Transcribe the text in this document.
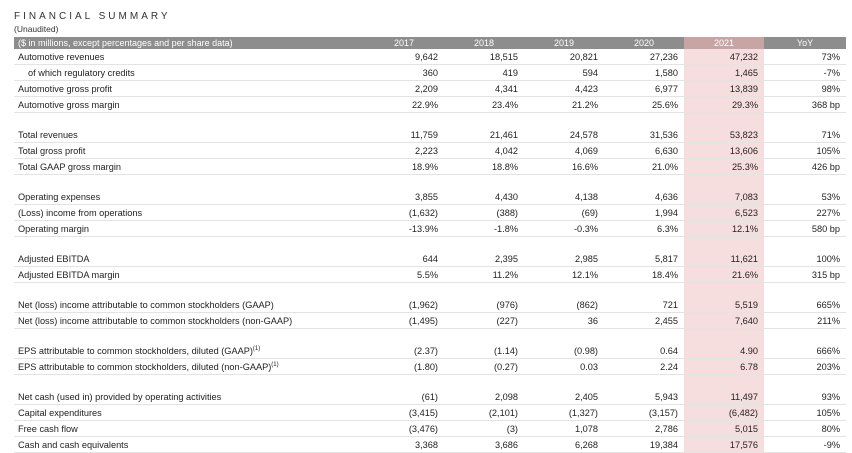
FINANCIAL SUMMARY
(Unaudited)
($ in millions, except percentages and per share data)	2017	2018	2019	2020	2021	YoY
Automotive revenues	9,642	18,515	20,821	27,236	47,232	73%
of which regulatory credits	360	419	594	1,580	1,465	-7%
Automotive gross profit	2,209	4,341	4,423	6,977	13,839	98%
Automotive gross margin	22.9%	23.4%	21.2%	25.6%	29.3%	368 bp

Total revenues	11,759	21,461	24,578	31,536	53,823	71%
Total gross profit	2,223	4,042	4,069	6,630	13,606	105%
Total GAAP gross margin	18.9%	18.8%	16.6%	21.0%	25.3%	426 bp

Operating expenses	3,855	4,430	4,138	4,636	7,083	53%
(Loss) income from operations	(1,632)	(388)	(69)	1,994	6,523	227%
Operating margin	-13.9%	-1.8%	-0.3%	6.3%	12.1%	580 bp

Adjusted EBITDA	644	2,395	2,985	5,817	11,621	100%
Adjusted EBITDA margin	5.5%	11.2%	12.1%	18.4%	21.6%	315 bp

Net (loss) income attributable to common stockholders (GAAP)	(1,962)	(976)	(862)	721	5,519	665%
Net (loss) income attributable to common stockholders (non-GAAP)	(1,495)	(227)	36	2,455	7,640	211%

EPS attributable to common stockholders, diluted (GAAP)$^{(1)}$	(2.37)	(1.14)	(0.98)	0.64	4.90	666%
EPS attributable to common stockholders, diluted (non-GAAP)$^{(1)}$	(1.80)	(0.27)	0.03	2.24	6.78	203%

Net cash (used in) provided by operating activities	(61)	2,098	2,405	5,943	11,497	93%
Capital expenditures	(3,415)	(2,101)	(1,327)	(3,157)	(6,482)	105%
Free cash flow	(3,476)	(3)	1,078	2,786	5,015	80%
Cash and cash equivalents	3,368	3,686	6,268	19,384	17,576	-9%
